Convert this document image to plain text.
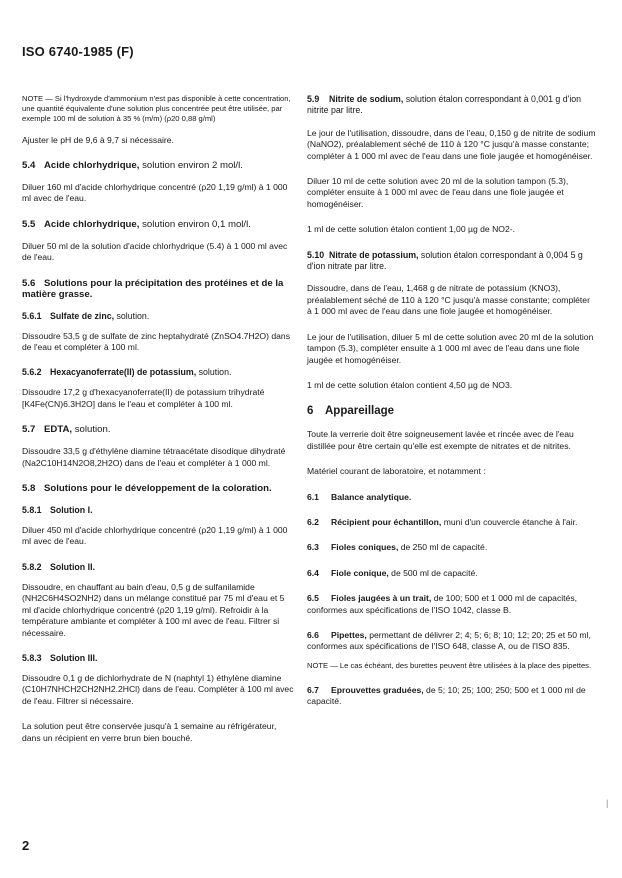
ISO 6740-1985 (F)
NOTE — Si l'hydroxyde d'ammonium n'est pas disponible à cette concentration, une quantité équivalente d'une solution plus concentrée peut être utilisée, par exemple 100 ml de solution à 35 % (m/m) (ρ20 0,88 g/ml)
Ajuster le pH de 9,6 à 9,7 si nécessaire.
5.4 Acide chlorhydrique, solution environ 2 mol/l.
Diluer 160 ml d'acide chlorhydrique concentré (ρ20 1,19 g/ml) à 1 000 ml avec de l'eau.
5.5 Acide chlorhydrique, solution environ 0,1 mol/l.
Diluer 50 ml de la solution d'acide chlorhydrique (5.4) à 1 000 ml avec de l'eau.
5.6 Solutions pour la précipitation des protéines et de la matière grasse.
5.6.1 Sulfate de zinc, solution.
Dissoudre 53,5 g de sulfate de zinc heptahydraté (ZnSO4.7H2O) dans de l'eau et compléter à 100 ml.
5.6.2 Hexacyanoferrate(II) de potassium, solution.
Dissoudre 17,2 g d'hexacyanoferrate(II) de potassium trihydraté [K4Fe(CN)6.3H2O] dans le l'eau et compléter à 100 ml.
5.7 EDTA, solution.
Dissoudre 33,5 g d'éthylène diamine tétraacétate disodique dihydraté (Na2C10H14N2O8,2H2O) dans de l'eau et compléter à 1 000 ml.
5.8 Solutions pour le développement de la coloration.
5.8.1 Solution I.
Diluer 450 ml d'acide chlorhydrique concentré (ρ20 1,19 g/ml) à 1 000 ml avec de l'eau.
5.8.2 Solution II.
Dissoudre, en chauffant au bain d'eau, 0,5 g de sulfanilamide (NH2C6H4SO2NH2) dans un mélange constitué par 75 ml d'eau et 5 ml d'acide chlorhydrique concentré (ρ20 1,19 g/ml). Refroidir à la température ambiante et compléter à 100 ml avec de l'eau. Filtrer si nécessaire.
5.8.3 Solution III.
Dissoudre 0,1 g de dichlorhydrate de N (naphtyl 1) éthylène diamine (C10H7NHCH2CH2NH2.2HCl) dans de l'eau. Compléter à 100 ml avec de l'eau. Filtrer si nécessaire.
La solution peut être conservée jusqu'à 1 semaine au réfrigérateur, dans un récipient en verre brun bien bouché.
5.9 Nitrite de sodium, solution étalon correspondant à 0,001 g d'ion nitrite par litre.
Le jour de l'utilisation, dissoudre, dans de l'eau, 0,150 g de nitrite de sodium (NaNO2), préalablement séché de 110 à 120 °C jusqu'à masse constante; compléter à 1 000 ml avec de l'eau dans une fiole jaugée et homogénéiser.
Diluer 10 ml de cette solution avec 20 ml de la solution tampon (5.3), compléter ensuite à 1 000 ml avec de l'eau dans une fiole jaugée et homogénéiser.
1 ml de cette solution étalon contient 1,00 µg de NO2-.
5.10 Nitrate de potassium, solution étalon correspondant à 0,004 5 g d'ion nitrate par litre.
Dissoudre, dans de l'eau, 1,468 g de nitrate de potassium (KNO3), préalablement séché de 110 à 120 °C jusqu'à masse constante; compléter à 1 000 ml avec de l'eau dans une fiole jaugée et homogénéiser.
Le jour de l'utilisation, diluer 5 ml de cette solution avec 20 ml de la solution tampon (5.3), compléter ensuite à 1 000 ml avec de l'eau dans une fiole jaugée et homogénéiser.
1 ml de cette solution étalon contient 4,50 µg de NO3.
6 Appareillage
Toute la verrerie doit être soigneusement lavée et rincée avec de l'eau distillée pour être certain qu'elle est exempte de nitrates et de nitrites.
Matériel courant de laboratoire, et notamment :
6.1 Balance analytique.
6.2 Récipient pour échantillon, muni d'un couvercle étanche à l'air.
6.3 Fioles coniques, de 250 ml de capacité.
6.4 Fiole conique, de 500 ml de capacité.
6.5 Fioles jaugées à un trait, de 100; 500 et 1 000 ml de capacités, conformes aux spécifications de l'ISO 1042, classe B.
6.6 Pipettes, permettant de délivrer 2; 4; 5; 6; 8; 10; 12; 20; 25 et 50 ml, conformes aux spécifications de l'ISO 648, classe A, ou de l'ISO 835.
NOTE — Le cas échéant, des burettes peuvent être utilisées à la place des pipettes.
6.7 Eprouvettes graduées, de 5; 10; 25; 100; 250; 500 et 1 000 ml de capacité.
|
2
